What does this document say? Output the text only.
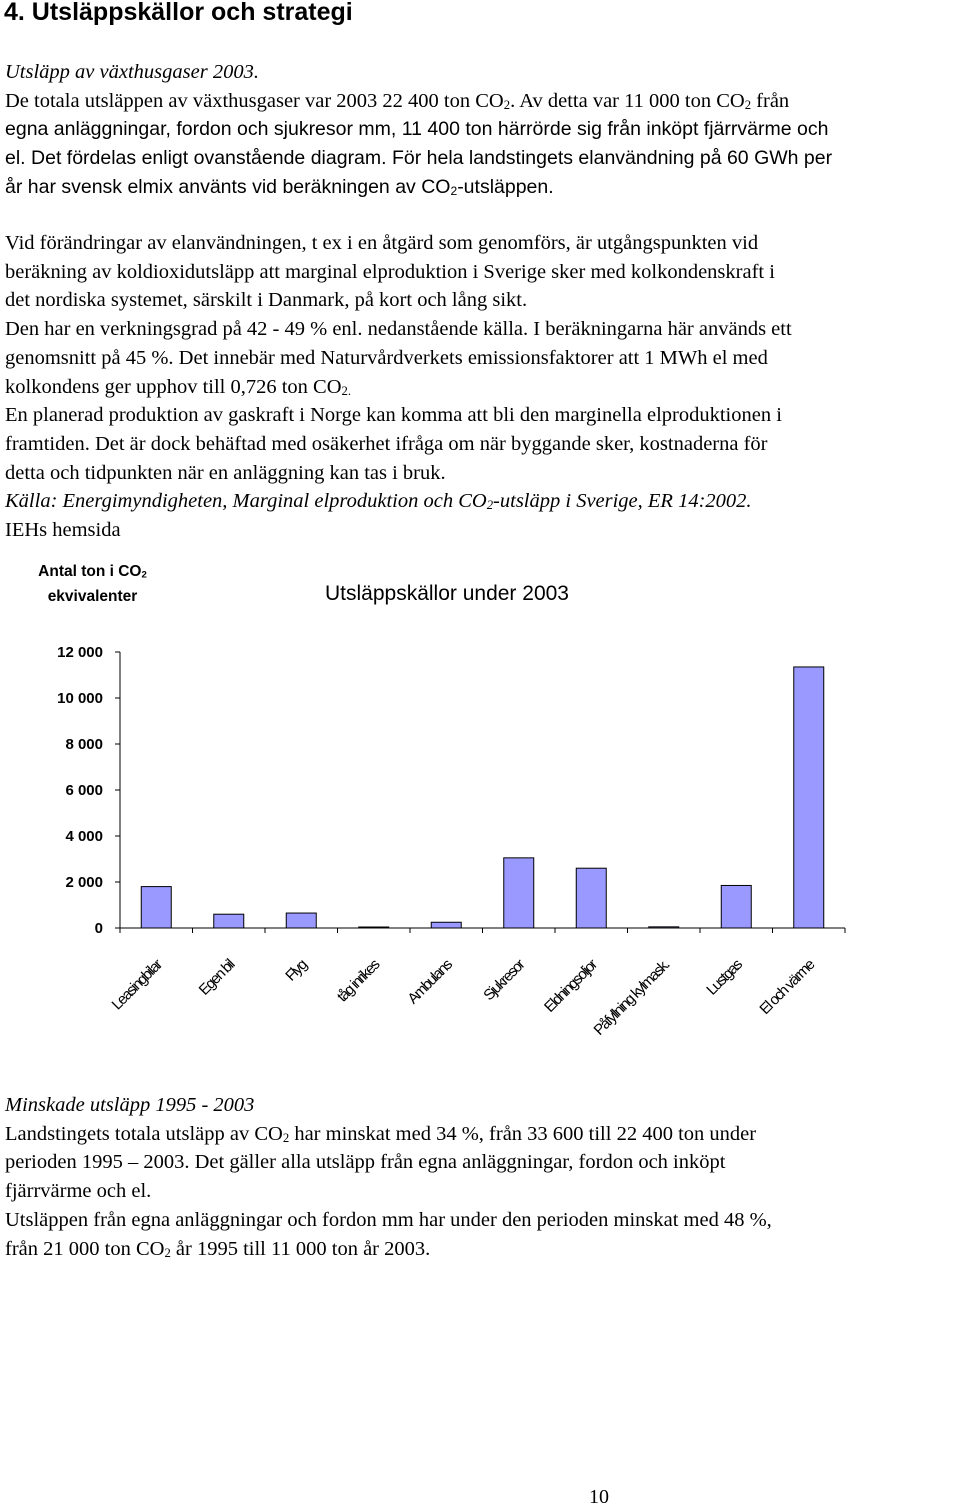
4. Utsläppskällor och strategi
Utsläpp av växthusgaser 2003.
De totala utsläppen av växthusgaser var 2003 22 400 ton $CO_2$. Av detta var 11 000 ton $CO_2$ från
egna anläggningar, fordon och sjukresor mm, 11 400 ton härrörde sig från inköpt fjärrvärme och
el. Det fördelas enligt ovanstående diagram. För hela landstingets elanvändning på 60 GWh per
år har svensk elmix använts vid beräkningen av $CO_2$-utsläppen.
Vid förändringar av elanvändningen, t ex i en åtgärd som genomförs, är utgångspunkten vid
beräkning av koldioxidutsläpp att marginal elproduktion i Sverige sker med kolkondenskraft i
det nordiska systemet, särskilt i Danmark, på kort och lång sikt.
Den har en verkningsgrad på 42 - 49 % enl. nedanstående källa. I beräkningarna här används ett
genomsnitt på 45 %. Det innebär med Naturvårdverkets emissionsfaktorer att 1 MWh el med
kolkondens ger upphov till 0,726 ton $CO_{2.}$
En planerad produktion av gaskraft i Norge kan komma att bli den marginella elproduktionen i
framtiden. Det är dock behäftad med osäkerhet ifråga om när byggande sker, kostnaderna för
detta och tidpunkten när en anläggning kan tas i bruk.
Källa: Energimyndigheten, Marginal elproduktion och $CO_2$-utsläpp i Sverige, ER 14:2002.
IEHs hemsida
Antal ton i $CO_2$
ekvivalenter	Utsläppskällor under 2003
0
2 000
4 000
6 000
8 000
10 000
12 000
Leasingbilar Egen bil	Flyg tåg inrikes Ambulans Sjukresor Eldningsoljor
Påfyllning kylmask. Lustgas El och värme
Minskade utsläpp 1995 - 2003
Landstingets totala utsläpp av $CO_2$ har minskat med 34 %, från 33 600 till 22 400 ton under
perioden 1995 – 2003. Det gäller alla utsläpp från egna anläggningar, fordon och inköpt
fjärrvärme och el.
Utsläppen från egna anläggningar och fordon mm har under den perioden minskat med 48 %,
från 21 000 ton $CO_2$ år 1995 till 11 000 ton år 2003.
10
